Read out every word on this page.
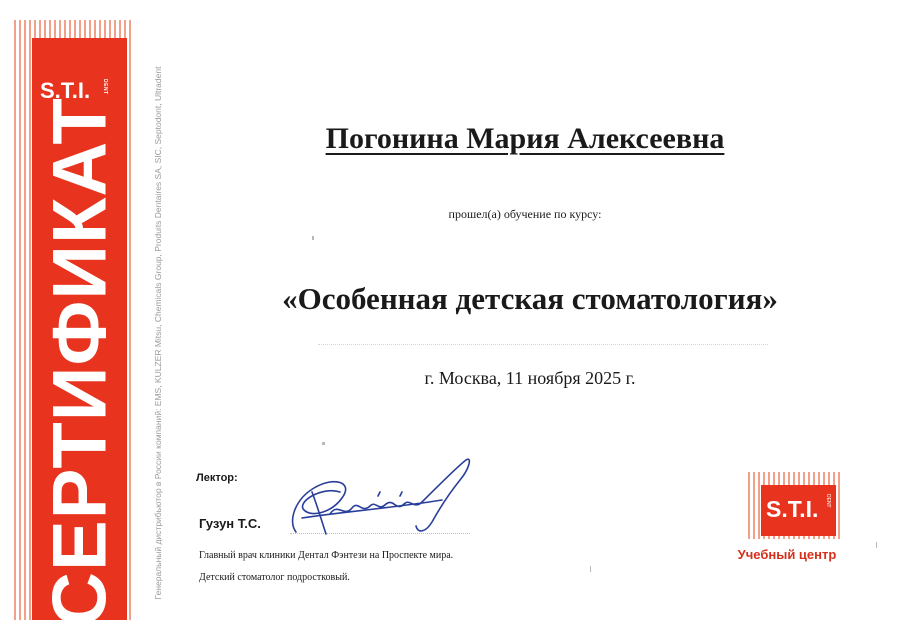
S.T.I. DENT
СЕРТИФИКАТ	Генеральный дистрибьютор в России компаний: EMS, KULZER Mitsu, Chemicals Group, Produits Dentaires SA, SIC, Septodont, Ultradent	Погонина Мария Алексеевна
прошел(а) обучение по курсу:
«Особенная детская стоматология»
г. Москва, 11 ноября 2025 г.
Лектор:
Гузун Т.С.
Главный врач клиники Дентал Фэнтези на Проспекте мира.
Детский стоматолог подростковый.
DENT
S.T.I.
Учебный центр
